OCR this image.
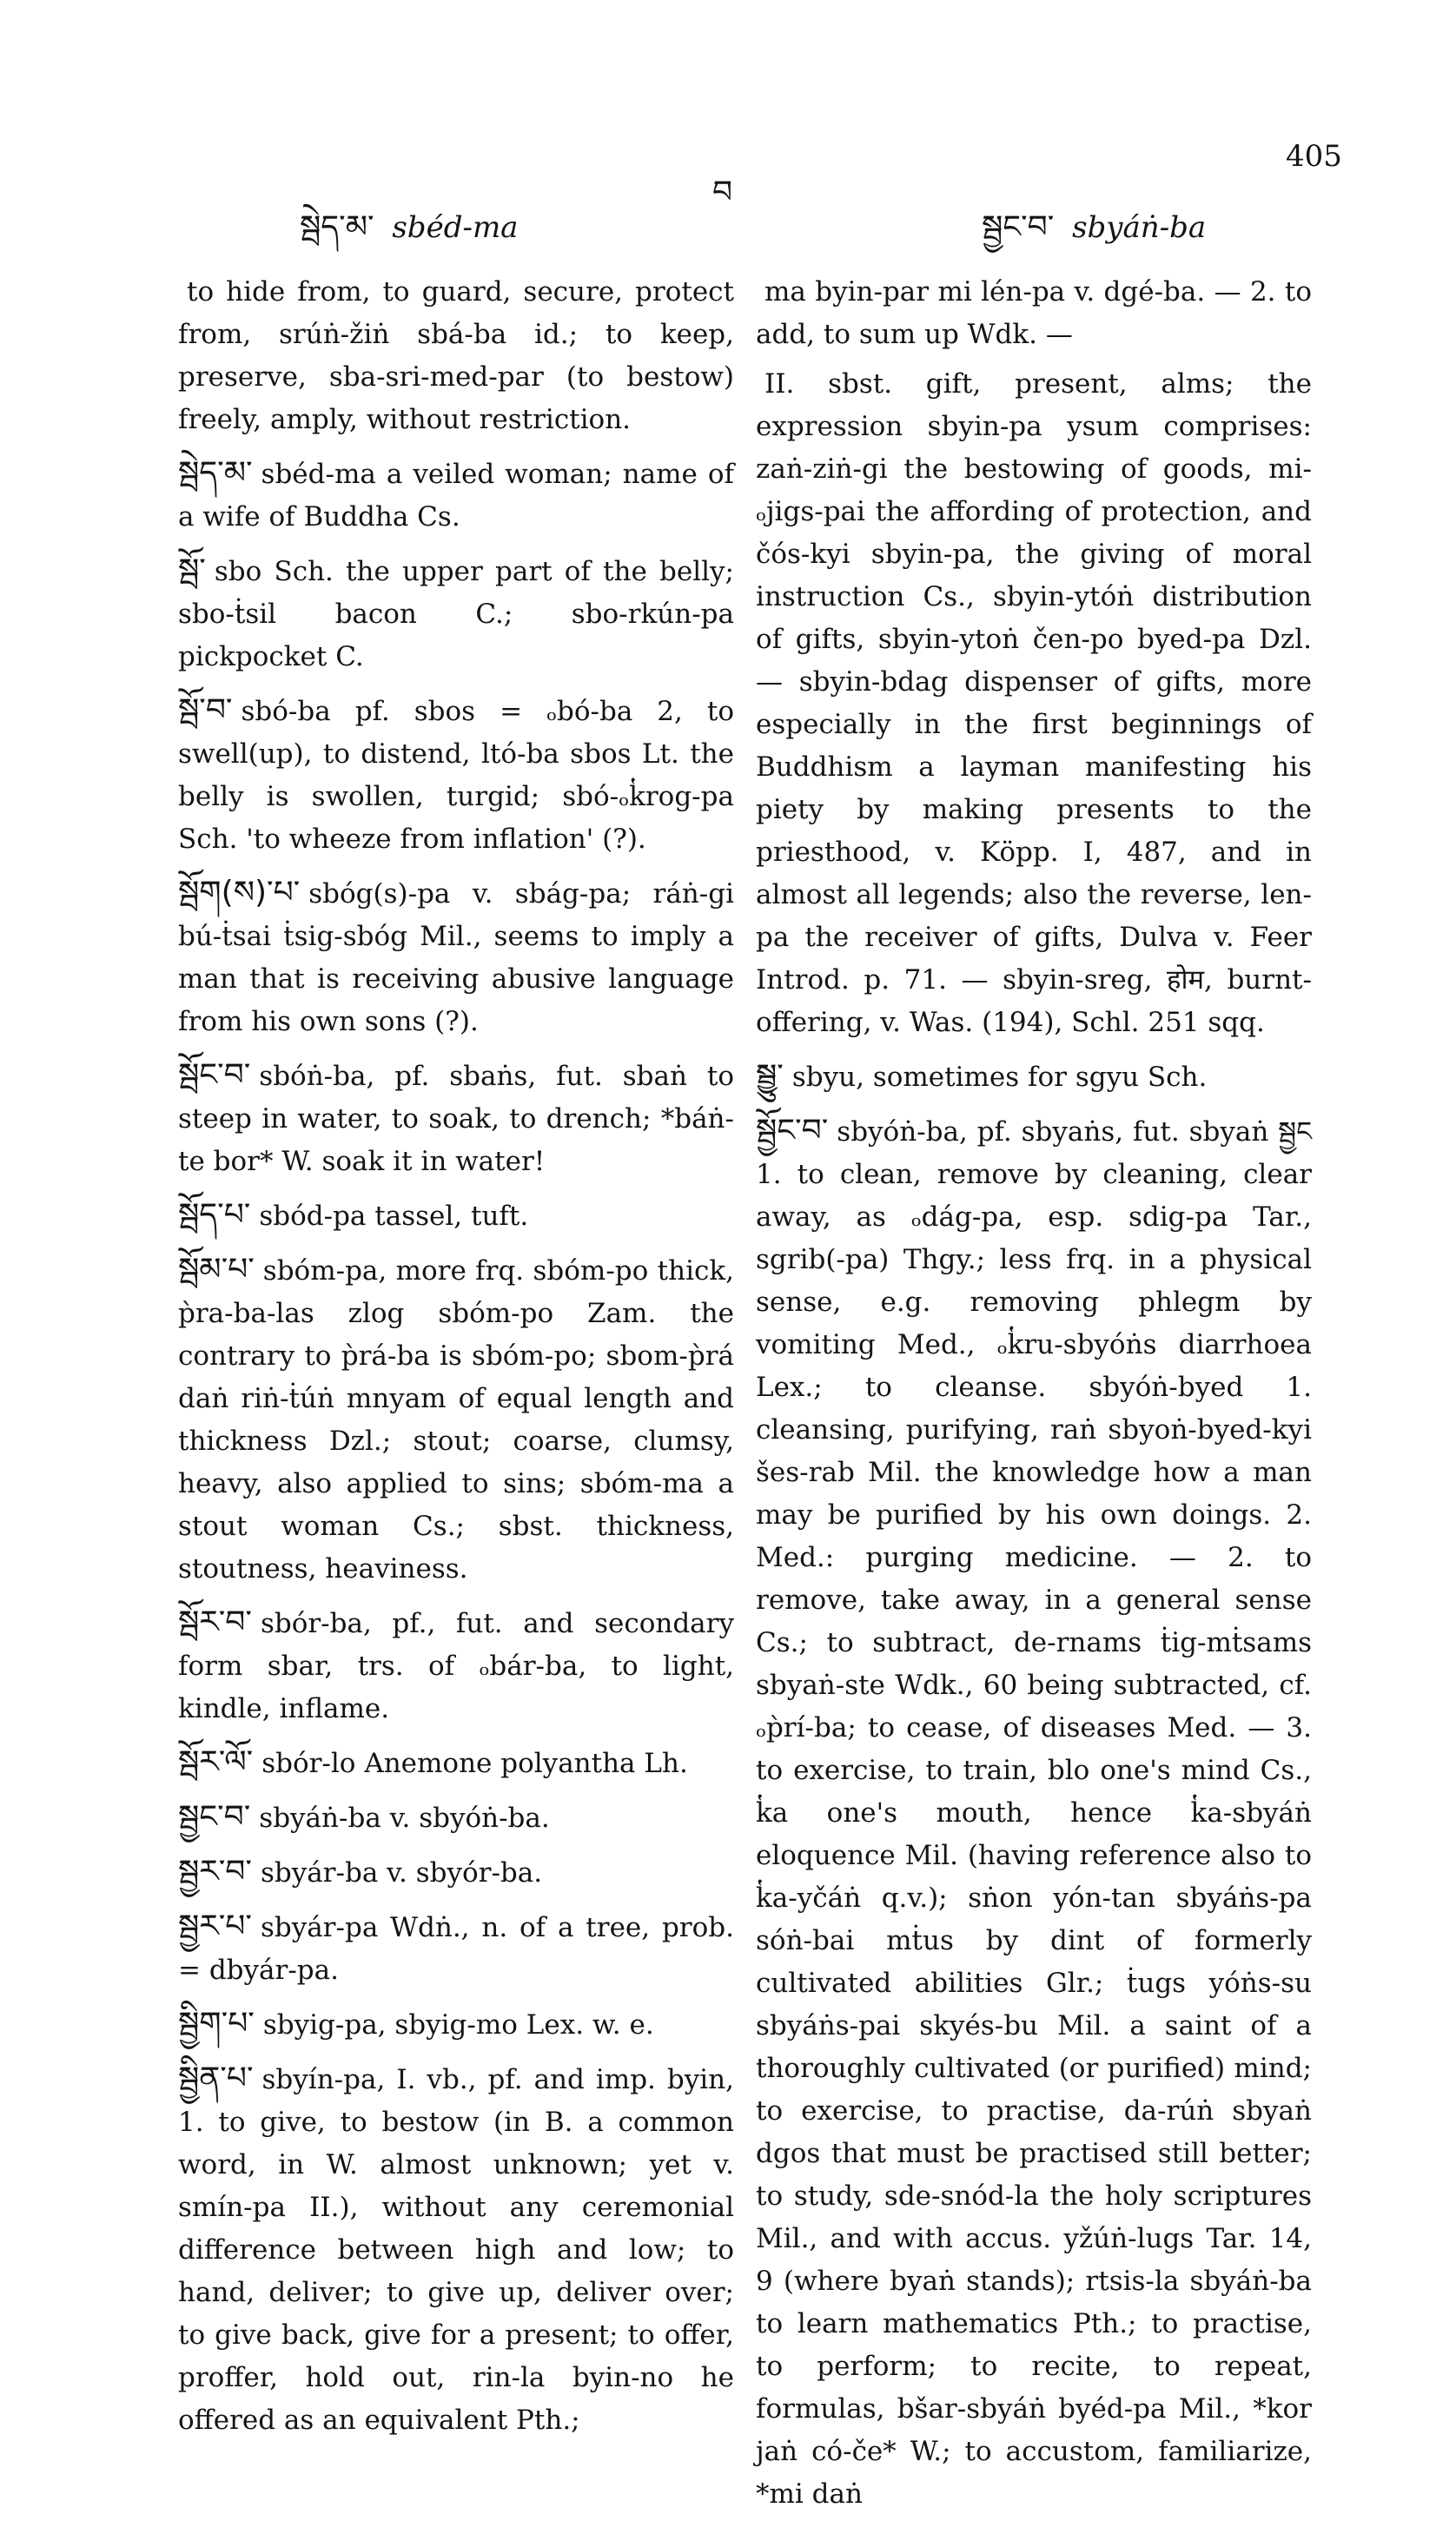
སྦེད་མ་ sbéd-ma
བ
སྦྱང་བ་ sbyáṅ-ba
405

to hide from, to guard, secure, protect from, srúṅ-žiṅ sbá-ba id.; to keep, preserve, sba-sri-med-par (to bestow) freely, amply, without restriction.

སྦེད་མ་ sbéd-ma a veiled woman; name of a wife of Buddha Cs.

སྦོ་ sbo Sch. the upper part of the belly; sbo-ṫsil bacon C.; sbo-rkún-pa pickpocket C.

སྦོ་བ་ sbó-ba pf. sbos = ₒbó-ba 2, to swell(up), to distend, ltó-ba sbos Lt. the belly is swollen, turgid; sbó-ₒk̔rog-pa Sch. 'to wheeze from inflation' (?).

སྦོག(ས)་པ་ sbóg(s)-pa v. sbág-pa; ráṅ-gi bú-ṫsai ṫsig-sbóg Mil., seems to imply a man that is receiving abusive language from his own sons (?).

སྦོང་བ་ sbóṅ-ba, pf. sbaṅs, fut. sbaṅ to steep in water, to soak, to drench; *báṅ-te bor* W. soak it in water!

སྦོད་པ་ sbód-pa tassel, tuft.

སྦོམ་པ་ sbóm-pa, more frq. sbóm-po thick, p̀ra-ba-las zlog sbóm-po Zam. the contrary to p̀rá-ba is sbóm-po; sbom-p̀rá daṅ riṅ-ṫúṅ mnyam of equal length and thickness Dzl.; stout; coarse, clumsy, heavy, also applied to sins; sbóm-ma a stout woman Cs.; sbst. thickness, stoutness, heaviness.

སྦོར་བ་ sbór-ba, pf., fut. and secondary form sbar, trs. of ₒbár-ba, to light, kindle, inflame.

སྦོར་ལོ་ sbór-lo Anemone polyantha Lh.

སྦྱང་བ་ sbyáṅ-ba v. sbyóṅ-ba.

སྦྱར་བ་ sbyár-ba v. sbyór-ba.

སྦྱར་པ་ sbyár-pa Wdṅ., n. of a tree, prob. = dbyár-pa.

སྦྱིག་པ་ sbyig-pa, sbyig-mo Lex. w. e.

སྦྱིན་པ་ sbyín-pa, I. vb., pf. and imp. byin, 1. to give, to bestow (in B. a common word, in W. almost unknown; yet v. smín-pa II.), without any ceremonial difference between high and low; to hand, deliver; to give up, deliver over; to give back, give for a present; to offer, proffer, hold out, rin-la byin-no he offered as an equivalent Pth.;

ma byin-par mi lén-pa v. dgé-ba. — 2. to add, to sum up Wdk. —

II. sbst. gift, present, alms; the expression sbyin-pa ysum comprises: zaṅ-ziṅ-gi the bestowing of goods, mi-ₒjigs-pai the affording of protection, and čós-kyi sbyin-pa, the giving of moral instruction Cs., sbyin-ytóṅ distribution of gifts, sbyin-ytoṅ čen-po byed-pa Dzl. — sbyin-bdag dispenser of gifts, more especially in the first beginnings of Buddhism a layman manifesting his piety by making presents to the priesthood, v. Köpp. I, 487, and in almost all legends; also the reverse, len-pa the receiver of gifts, Dulva v. Feer Introd. p. 71. — sbyin-sreg, होम, burnt-offering, v. Was. (194), Schl. 251 sqq.

སྦྱུ་ sbyu, sometimes for sgyu Sch.

སྦྱོང་བ་ sbyóṅ-ba, pf. sbyaṅs, fut. sbyaṅ སྦྱང 1. to clean, remove by cleaning, clear away, as ₒdág-pa, esp. sdig-pa Tar., sgrib(-pa) Thgy.; less frq. in a physical sense, e.g. removing phlegm by vomiting Med., ₒk̔ru-sbyóṅs diarrhoea Lex.; to cleanse. sbyóṅ-byed 1. cleansing, purifying, raṅ sbyoṅ-byed-kyi šes-rab Mil. the knowledge how a man may be purified by his own doings. 2. Med.: purging medicine. — 2. to remove, take away, in a general sense Cs.; to subtract, de-rnams ṫig-mṫsams sbyaṅ-ste Wdk., 60 being subtracted, cf. ₒp̀rí-ba; to cease, of diseases Med. — 3. to exercise, to train, blo one's mind Cs., k̔a one's mouth, hence k̔a-sbyáṅ eloquence Mil. (having reference also to k̔a-yčáṅ q.v.); sṅon yón-tan sbyáṅs-pa sóṅ-bai mṫus by dint of formerly cultivated abilities Glr.; ṫugs yóṅs-su sbyáṅs-pai skyés-bu Mil. a saint of a thoroughly cultivated (or purified) mind; to exercise, to practise, da-rúṅ sbyaṅ dgos that must be practised still better; to study, sde-snód-la the holy scriptures Mil., and with accus. yžúṅ-lugs Tar. 14, 9 (where byaṅ stands); rtsis-la sbyáṅ-ba to learn mathematics Pth.; to practise, to perform; to recite, to repeat, formulas, bšar-sbyáṅ byéd-pa Mil., *kor jaṅ có-če* W.; to accustom, familiarize, *mi daṅ
